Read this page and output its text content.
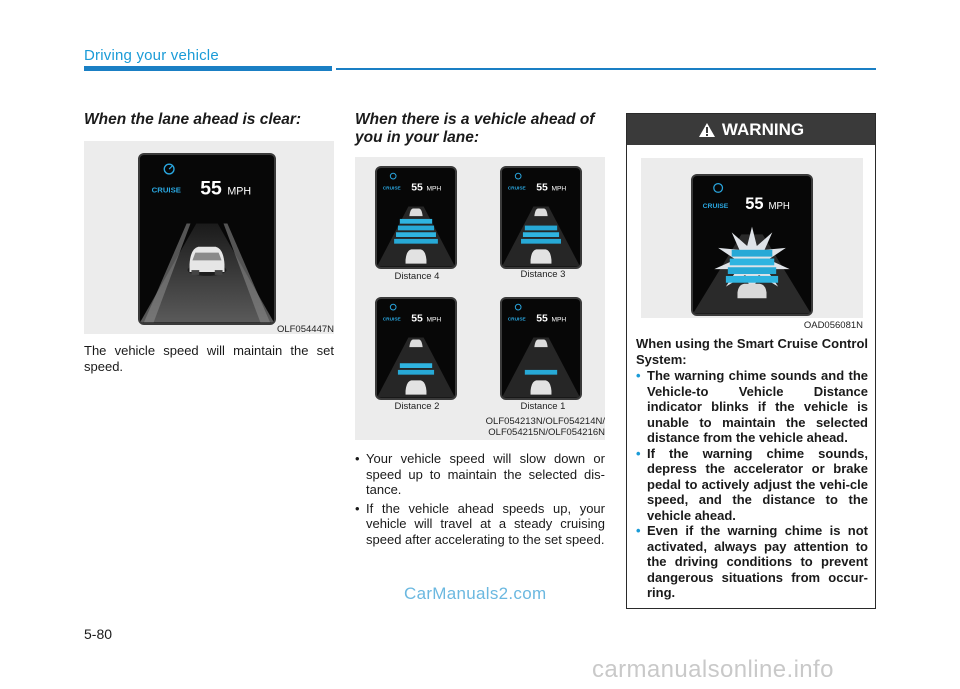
Driving your vehicle
When the lane ahead is clear:
CRUISE 55 MPH
OLF054447N
The vehicle speed will maintain the set speed.
When there is a vehicle ahead of you in your lane:
CRUISE 55 MPH	CRUISE 55 MPH
CRUISE 55 MPH	CRUISE 55 MPH
Distance 4	Distance 3
Distance 2	Distance 1
OLF054213N/OLF054214N/
OLF054215N/OLF054216N
• Your vehicle speed will slow down or speed up to maintain the selected dis-tance.
• If the vehicle ahead speeds up, your vehicle will travel at a steady cruising speed after accelerating to the set speed.
WARNING
CRUISE 55 MPH
OAD056081N
When using the Smart Cruise Control System:
• The warning chime sounds and the Vehicle-to Vehicle Distance indicator blinks if the vehicle is unable to maintain the selected distance from the vehicle ahead.
• If the warning chime sounds, depress the accelerator or brake pedal to actively adjust the vehi-cle speed, and the distance to the vehicle ahead.
• Even if the warning chime is not activated, always pay attention to the driving conditions to prevent dangerous situations from occur-ring.
CarManuals2.com
5-80
carmanualsonline.info
